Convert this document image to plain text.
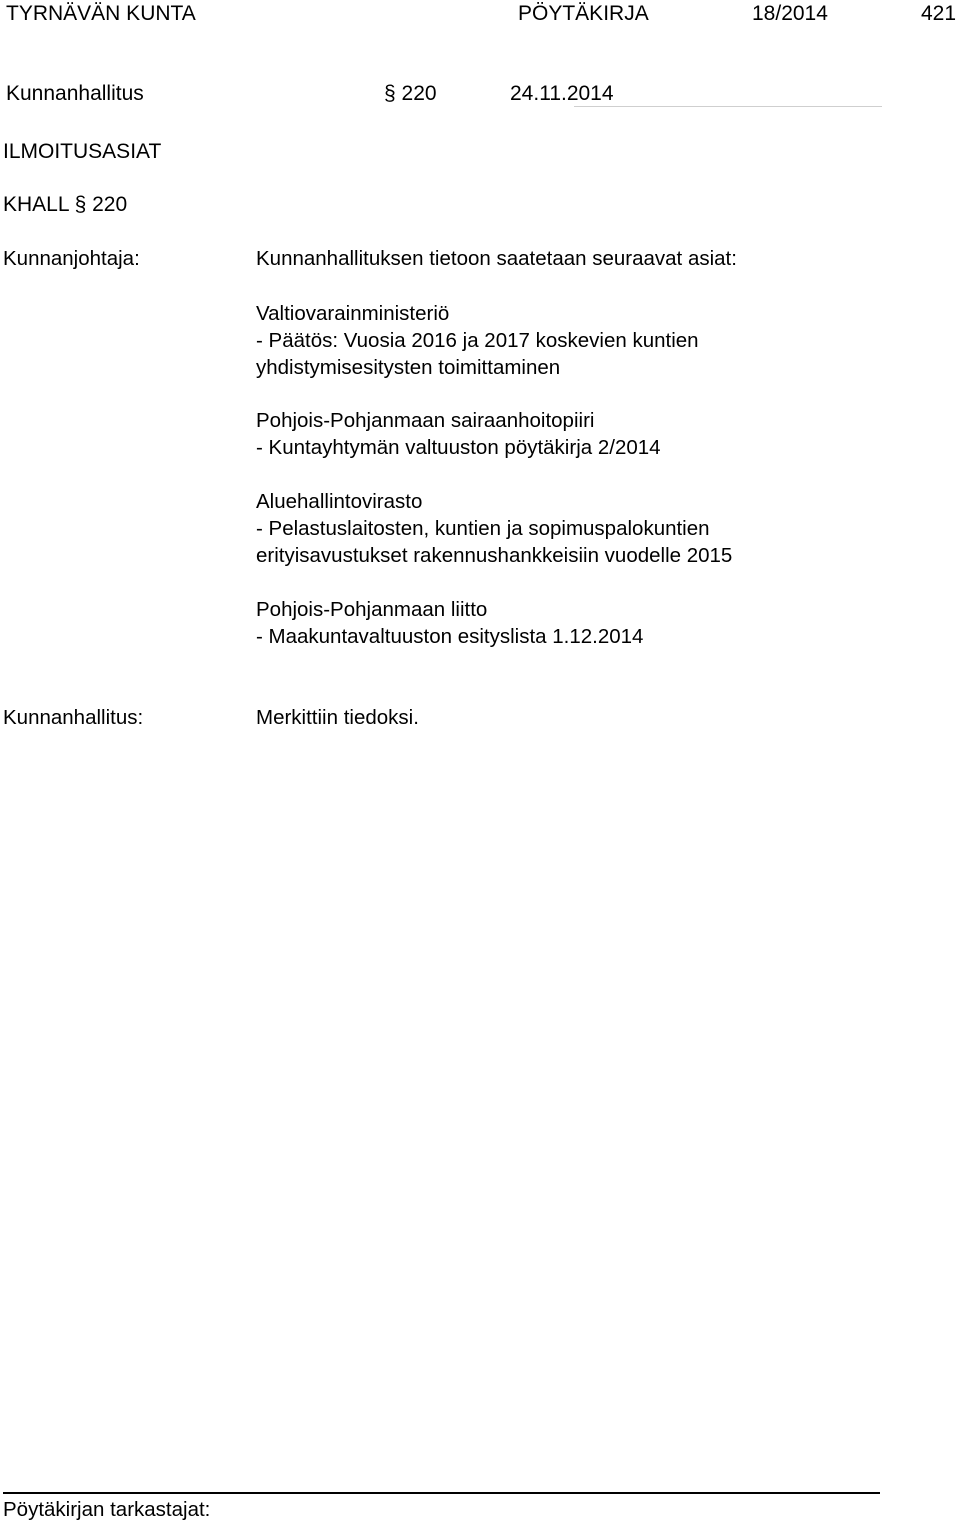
TYRNÄVÄN KUNTA	PÖYTÄKIRJA	18/2014	421
Kunnanhallitus	§ 220	24.11.2014
ILMOITUSASIAT
KHALL § 220
Kunnanjohtaja:	Kunnanhallituksen tietoon saatetaan seuraavat asiat:
Valtiovarainministeriö
- Päätös: Vuosia 2016 ja 2017 koskevien kuntien
yhdistymisesitysten toimittaminen
Pohjois-Pohjanmaan sairaanhoitopiiri
- Kuntayhtymän valtuuston pöytäkirja 2/2014
Aluehallintovirasto
- Pelastuslaitosten, kuntien ja sopimuspalokuntien
erityisavustukset rakennushankkeisiin vuodelle 2015
Pohjois-Pohjanmaan liitto
- Maakuntavaltuuston esityslista 1.12.2014
Kunnanhallitus:	Merkittiin tiedoksi.
Pöytäkirjan tarkastajat:
